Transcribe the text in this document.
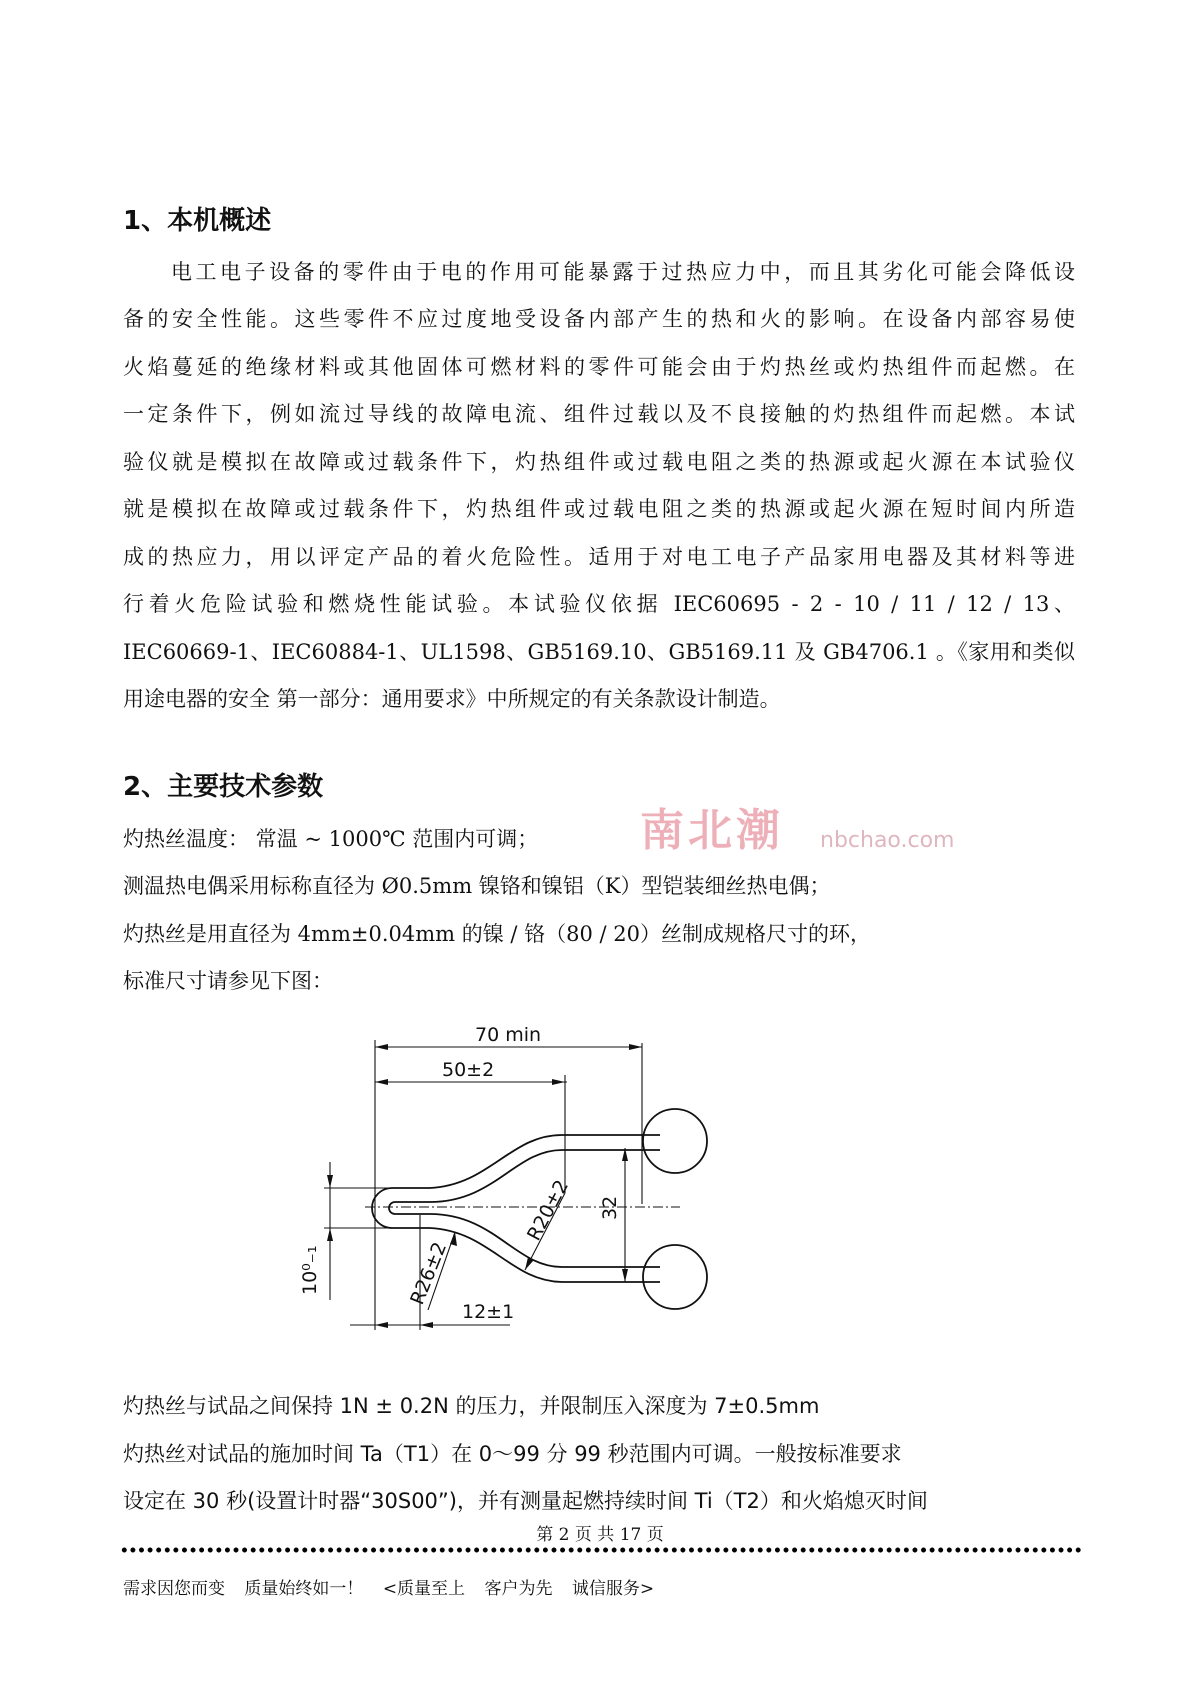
1、本机概述
电工电子设备的零件由于电的作用可能暴露于过热应力中，而且其劣化可能会降低设
备的安全性能。这些零件不应过度地受设备内部产生的热和火的影响。在设备内部容易使
火焰蔓延的绝缘材料或其他固体可燃材料的零件可能会由于灼热丝或灼热组件而起燃。在
一定条件下，例如流过导线的故障电流、组件过载以及不良接触的灼热组件而起燃。本试
验仪就是模拟在故障或过载条件下，灼热组件或过载电阻之类的热源或起火源在本试验仪
就是模拟在故障或过载条件下，灼热组件或过载电阻之类的热源或起火源在短时间内所造
成的热应力，用以评定产品的着火危险性。适用于对电工电子产品家用电器及其材料等进
行着火危险试验和燃烧性能试验。本试验仪依据 IEC60695 - 2 - 10 / 11 / 12 / 13、
IEC60669-1、IEC60884-1、UL1598、GB5169.10、GB5169.11 及 GB4706.1 。《家用和类似
用途电器的安全 第一部分：通用要求》中所规定的有关条款设计制造。
2、主要技术参数
灼热丝温度： 常温 ~ 1000℃ 范围内可调；
测温热电偶采用标称直径为 Ø0.5mm 镍铬和镍铝（K）型铠装细丝热电偶；
灼热丝是用直径为 4mm±0.04mm 的镍 / 铬（80 / 20）丝制成规格尺寸的环，
标准尺寸请参见下图：
灼热丝与试品之间保持 1N ± 0.2N 的压力，并限制压入深度为 7±0.5mm
灼热丝对试品的施加时间 Ta（T1）在 0～99 分 99 秒范围内可调。一般按标准要求
设定在 30 秒(设置计时器“30S00”)，并有测量起燃持续时间 Ti（T2）和火焰熄灭时间
南北潮 nbchao.com
70 min
50±2
32
R20±2
R26±2
12±1
10⁰₋₁
第 2 页 共 17 页
需求因您而变 质量始终如一！ <质量至上 客户为先 诚信服务>
